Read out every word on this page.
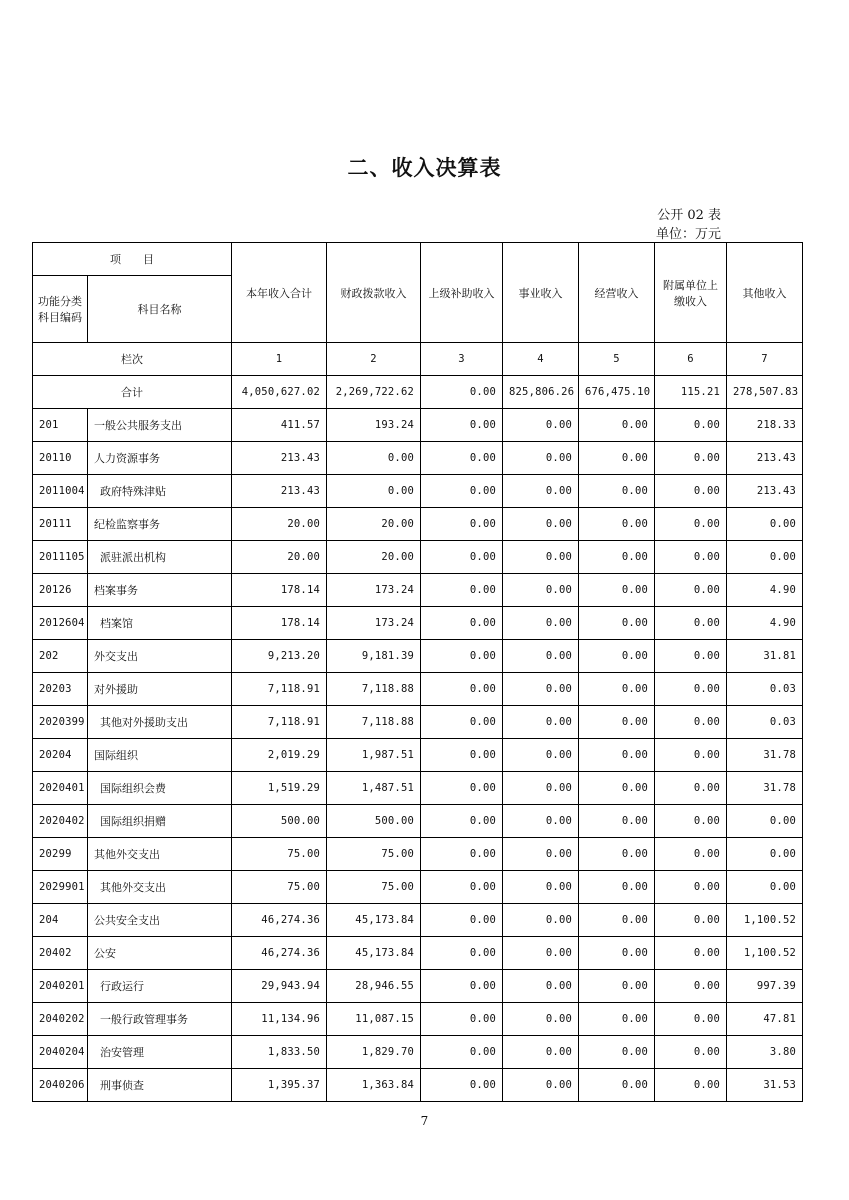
二、收入决算表
公开 02 表
单位：万元
项　　目		本年收入合计	财政拨款收入	上级补助收入	事业收入	经营收入	附属单位上缴收入	其他收入
功能分类科目编码	科目名称							
栏次		1	2	3	4	5	6	7
合计		4,050,627.02	2,269,722.62	0.00	825,806.26	676,475.10	115.21	278,507.83
201	一般公共服务支出	411.57	193.24	0.00	0.00	0.00	0.00	218.33
20110	人力资源事务	213.43	0.00	0.00	0.00	0.00	0.00	213.43
2011004	政府特殊津贴	213.43	0.00	0.00	0.00	0.00	0.00	213.43
20111	纪检监察事务	20.00	20.00	0.00	0.00	0.00	0.00	0.00
2011105	派驻派出机构	20.00	20.00	0.00	0.00	0.00	0.00	0.00
20126	档案事务	178.14	173.24	0.00	0.00	0.00	0.00	4.90
2012604	档案馆	178.14	173.24	0.00	0.00	0.00	0.00	4.90
202	外交支出	9,213.20	9,181.39	0.00	0.00	0.00	0.00	31.81
20203	对外援助	7,118.91	7,118.88	0.00	0.00	0.00	0.00	0.03
2020399	其他对外援助支出	7,118.91	7,118.88	0.00	0.00	0.00	0.00	0.03
20204	国际组织	2,019.29	1,987.51	0.00	0.00	0.00	0.00	31.78
2020401	国际组织会费	1,519.29	1,487.51	0.00	0.00	0.00	0.00	31.78
2020402	国际组织捐赠	500.00	500.00	0.00	0.00	0.00	0.00	0.00
20299	其他外交支出	75.00	75.00	0.00	0.00	0.00	0.00	0.00
2029901	其他外交支出	75.00	75.00	0.00	0.00	0.00	0.00	0.00
204	公共安全支出	46,274.36	45,173.84	0.00	0.00	0.00	0.00	1,100.52
20402	公安	46,274.36	45,173.84	0.00	0.00	0.00	0.00	1,100.52
2040201	行政运行	29,943.94	28,946.55	0.00	0.00	0.00	0.00	997.39
2040202	一般行政管理事务	11,134.96	11,087.15	0.00	0.00	0.00	0.00	47.81
2040204	治安管理	1,833.50	1,829.70	0.00	0.00	0.00	0.00	3.80
2040206	刑事侦查	1,395.37	1,363.84	0.00	0.00	0.00	0.00	31.53
7
